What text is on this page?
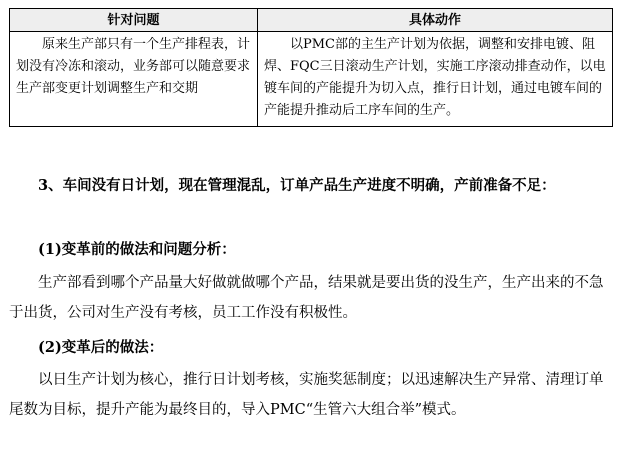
针对问题	具体动作

原来生产部只有一个生产排程表，计划没有冷冻和滚动，业务部可以随意要求生产部变更计划调整生产和交期	以PMC部的主生产计划为依据，调整和安排电镀、阻焊、FQC三日滚动生产计划，实施工序滚动排查动作，以电镀车间的产能提升为切入点，推行日计划，通过电镀车间的产能提升推动后工序车间的生产。

3、车间没有日计划，现在管理混乱，订单产品生产进度不明确，产前准备不足：

(1)变革前的做法和问题分析：

生产部看到哪个产品量大好做就做哪个产品，结果就是要出货的没生产，生产出来的不急于出货，公司对生产没有考核，员工工作没有积极性。

(2)变革后的做法：

以日生产计划为核心，推行日计划考核，实施奖惩制度；以迅速解决生产异常、清理订单尾数为目标，提升产能为最终目的，导入PMC“生管六大组合举”模式。
